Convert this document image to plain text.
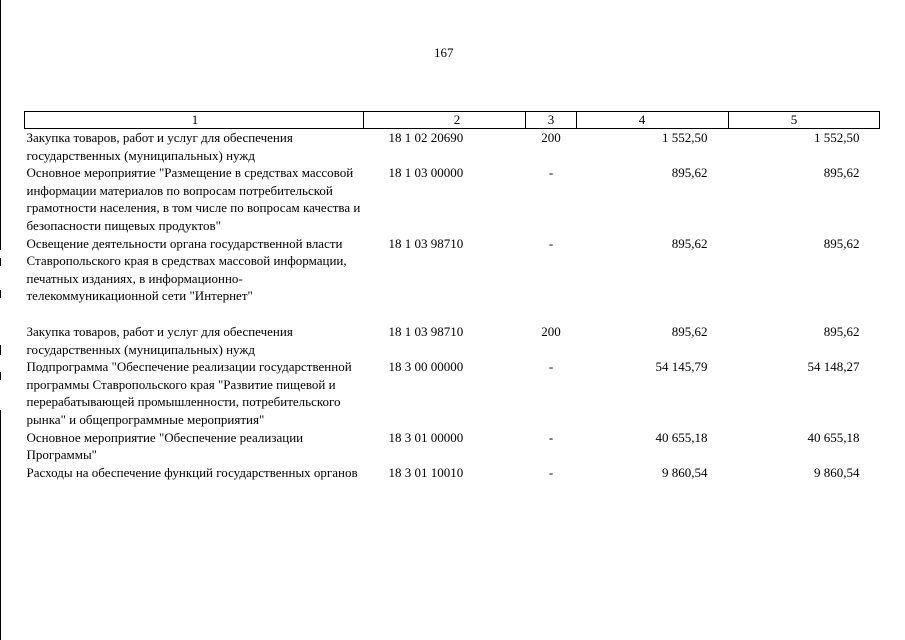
167
1	2	3	4	5
Закупка товаров, работ и услуг для обеспечения государственных (муниципальных) нужд	18 1 02 20690	200	1 552,50	1 552,50
Основное мероприятие "Размещение в средствах массовой информации материалов по вопросам потребительской грамотности населения, в том числе по вопросам качества и безопасности пищевых продуктов"	18 1 03 00000	-	895,62	895,62
Освещение деятельности органа государственной власти Ставропольского края в средствах массовой информации, печатных изданиях, в информационно-телекоммуникационной сети "Интернет"	18 1 03 98710	-	895,62	895,62
Закупка товаров, работ и услуг для обеспечения государственных (муниципальных) нужд	18 1 03 98710	200	895,62	895,62
Подпрограмма "Обеспечение реализации государственной программы Ставропольского края "Развитие пищевой и перерабатывающей промышленности, потребительского рынка" и общепрограммные мероприятия"	18 3 00 00000	-	54 145,79	54 148,27
Основное мероприятие "Обеспечение реализации Программы"	18 3 01 00000	-	40 655,18	40 655,18
Расходы на обеспечение функций государственных органов	18 3 01 10010	-	9 860,54	9 860,54
